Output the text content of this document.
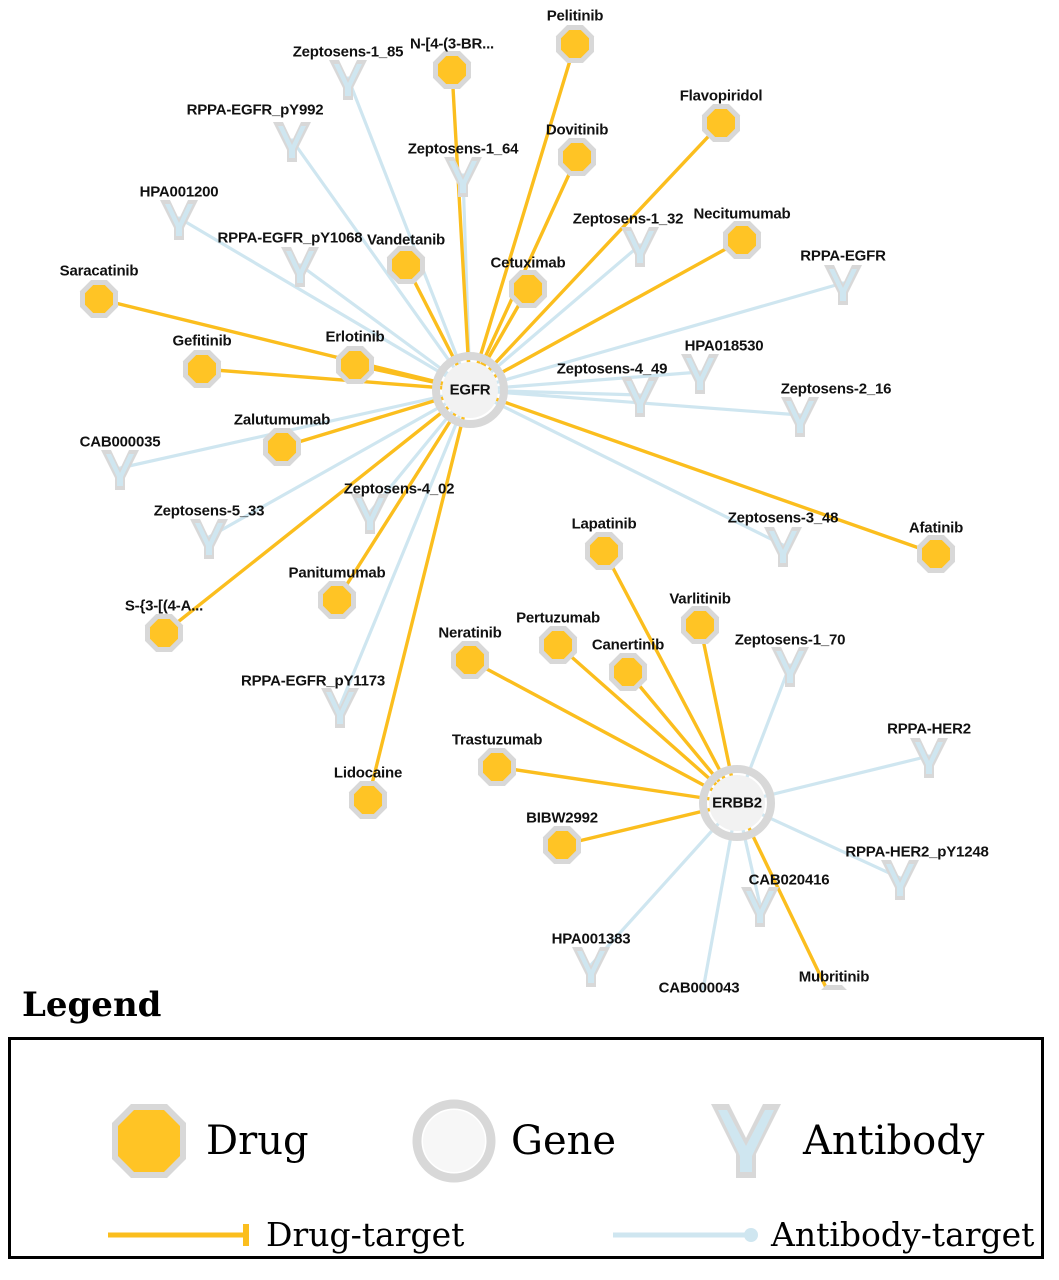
Zeptosens-1_85
RPPA-EGFR_pY992
Zeptosens-1_64
HPA001200
Zeptosens-1_32
RPPA-EGFR_pY1068
RPPA-EGFR
HPA018530
Zeptosens-4_49
Zeptosens-2_16
CAB000035
Zeptosens-4_02
Zeptosens-5_33	Zeptosens-3_48
Zeptosens-1_70
RPPA-EGFR_pY1173
RPPA-HER2
RPPA-HER2_pY1248
CAB020416
HPA001383
CAB000043
Pelitinib
N-[4-(3-BR...
Flavopiridol
Dovitinib
Necitumumab
Vandetanib
Cetuximab
Saracatinib
Gefitinib	Erlotinib
Zalutumumab
Afatinib
Lapatinib
Varlitinib
Panitumumab
S-{3-[(4-A...
Pertuzumab
Neratinib
Canertinib
Trastuzumab
Lidocaine
BIBW2992
Mubritinib
EGFR
ERBB2
Legend
Drug	Gene	Antibody
Drug-target	Antibody-target
